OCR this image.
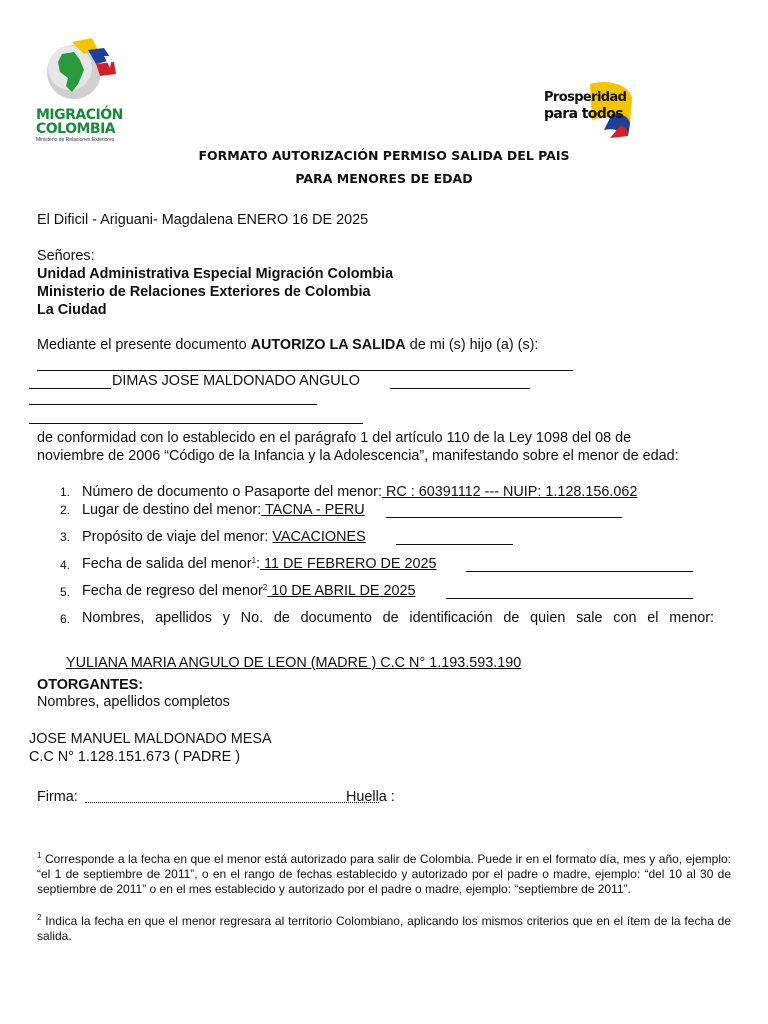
MIGRACIÓN
COLOMBIA
Ministerio de Relaciones Exteriores
Prosperidad
para todos
FORMATO AUTORIZACIÓN PERMISO SALIDA DEL PAIS
PARA MENORES DE EDAD
El Dificil - Ariguani- Magdalena ENERO 16 DE 2025
Señores:
Unidad Administrativa Especial Migración Colombia
Ministerio de Relaciones Exteriores de Colombia
La Ciudad
Mediante el presente documento AUTORIZO LA SALIDA de mi (s) hijo (a) (s):
DIMAS JOSE MALDONADO ANGULO
de conformidad con lo establecido en el parágrafo 1 del artículo 110 de la Ley 1098 del 08 de
noviembre de 2006 “Código de la Infancia y la Adolescencia”, manifestando sobre el menor de edad:
1. Número de documento o Pasaporte del menor: RC : 60391112 --- NUIP: 1.128.156.062
2. Lugar de destino del menor: TACNA - PERU
3. Propósito de viaje del menor: VACACIONES
4. Fecha de salida del menor$^1$: 11 DE FEBRERO DE 2025
5. Fecha de regreso del menor$^2$ 10 DE ABRIL DE 2025
6. Nombres, apellidos y No. de documento de identificación de quien sale con el menor:
YULIANA MARIA ANGULO DE LEON (MADRE ) C.C N° 1.193.593.190
OTORGANTES:
Nombres, apellidos completos
JOSE MANUEL MALDONADO MESA
C.C N° 1.128.151.673 ( PADRE )
Firma:	Huella :
$^1$ Corresponde a la fecha en que el menor está autorizado para salir de Colombia. Puede ir en el formato día, mes y año, ejemplo: “el 1 de septiembre de 2011”, o en el rango de fechas establecido y autorizado por el padre o madre, ejemplo: “del 10 al 30 de septiembre de 2011” o en el mes establecido y autorizado por el padre o madre, ejemplo: “septiembre de 2011”.
$^2$ Indica la fecha en que el menor regresara al territorio Colombiano, aplicando los mismos criterios que en el ítem de la fecha de salida.
